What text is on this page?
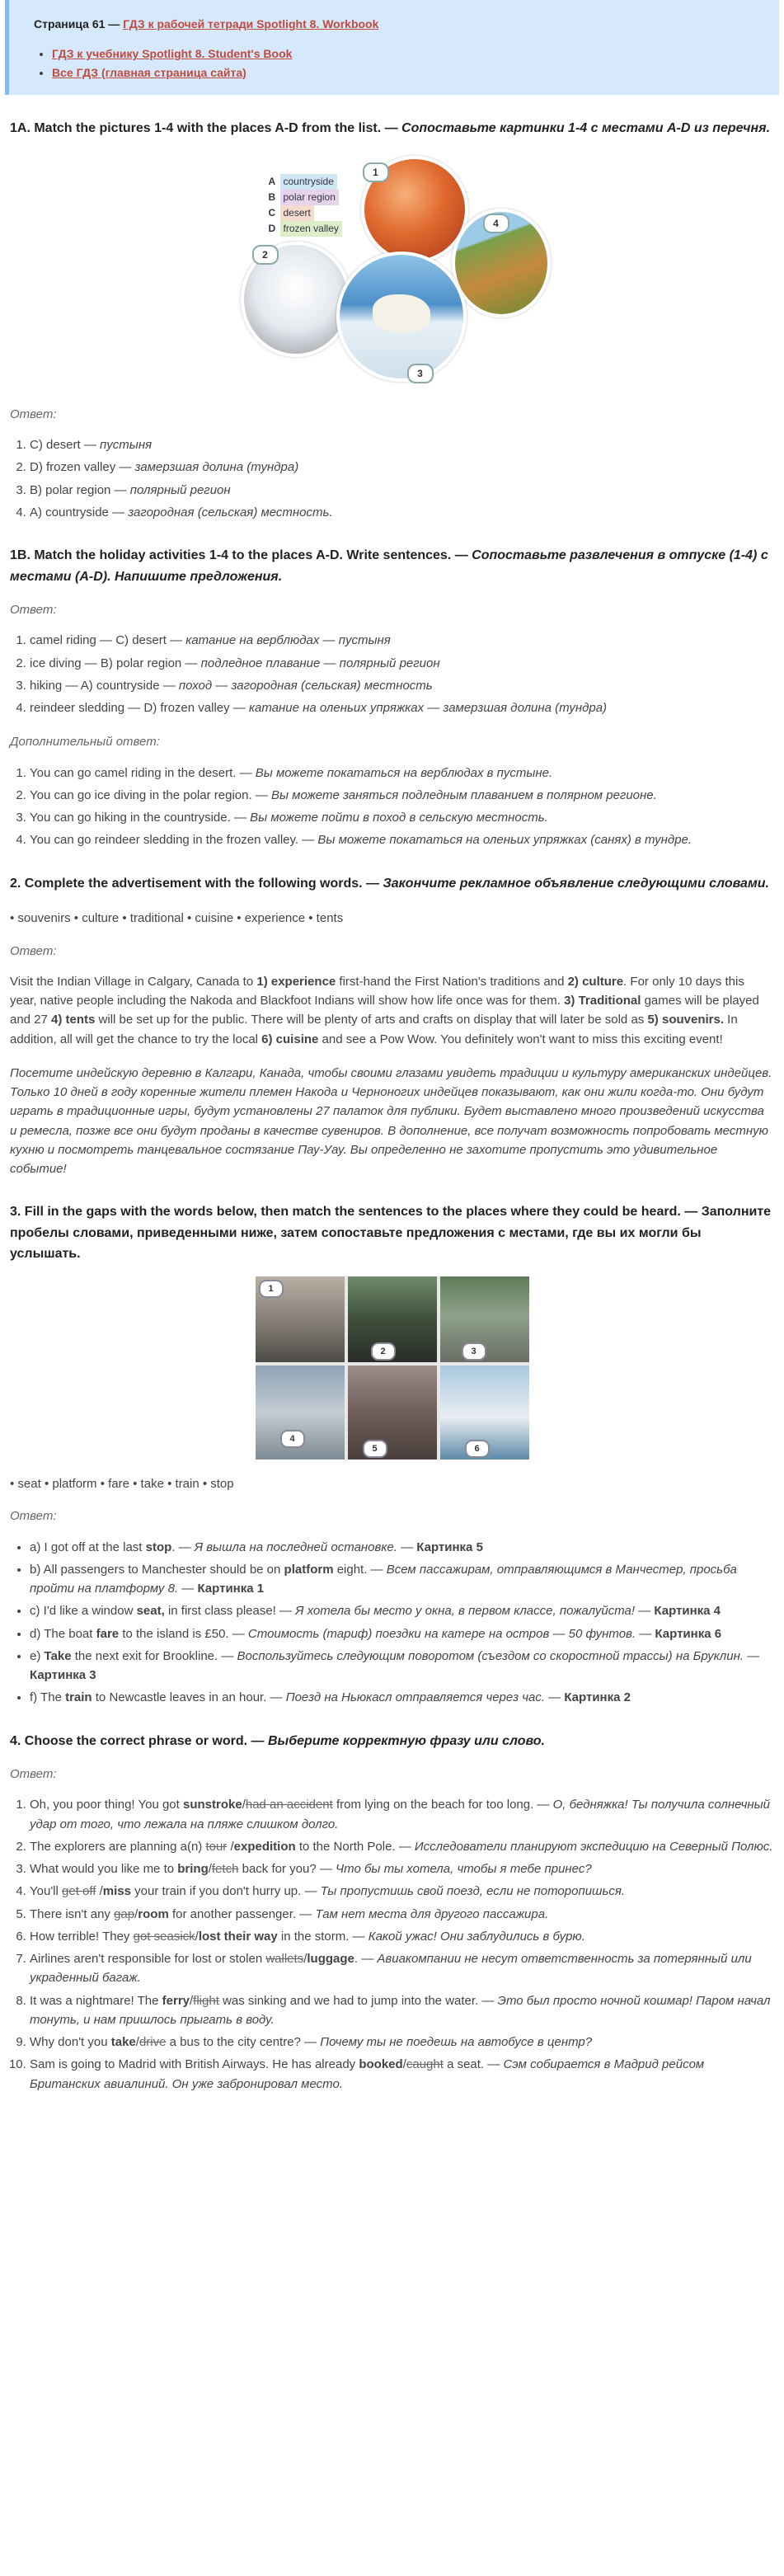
Страница 61 — ГДЗ к рабочей тетради Spotlight 8. Workbook
• ГДЗ к учебнику Spotlight 8. Student's Book
• Все ГДЗ (главная страница сайта)
1A. Match the pictures 1-4 with the places A-D from the list. — Сопоставьте картинки 1-4 с местами A-D из перечня.
A countryside
B polar region
C desert
D frozen valley
1
2
3
4
Ответ:
1. C) desert — пустыня
2. D) frozen valley — замерзшая долина (тундра)
3. B) polar region — полярный регион
4. A) countryside — загородная (сельская) местность.
1B. Match the holiday activities 1-4 to the places A-D. Write sentences. — Сопоставьте развлечения в отпуске (1-4) с местами (A-D). Напишите предложения.
Ответ:
1. camel riding — C) desert — катание на верблюдах — пустыня
2. ice diving — B) polar region — подледное плавание — полярный регион
3. hiking — A) countryside — поход — загородная (сельская) местность
4. reindeer sledding — D) frozen valley — катание на оленьих упряжках — замерзшая долина (тундра)
Дополнительный ответ:
1. You can go camel riding in the desert. — Вы можете покататься на верблюдах в пустыне.
2. You can go ice diving in the polar region. — Вы можете заняться подледным плаванием в полярном регионе.
3. You can go hiking in the countryside. — Вы можете пойти в поход в сельскую местность.
4. You can go reindeer sledding in the frozen valley. — Вы можете покататься на оленьих упряжках (санях) в тундре.
2. Complete the advertisement with the following words. — Закончите рекламное объявление следующими словами.
• souvenirs • culture • traditional • cuisine • experience • tents
Ответ:

Visit the Indian Village in Calgary, Canada to 1) experience first-hand the First Nation's traditions and 2) culture. For only 10 days this year, native people including the Nakoda and Blackfoot Indians will show how life once was for them. 3) Traditional games will be played and 27 4) tents will be set up for the public. There will be plenty of arts and crafts on display that will later be sold as 5) souvenirs. In addition, all will get the chance to try the local 6) cuisine and see a Pow Wow. You definitely won't want to miss this exciting event!

Посетите индейскую деревню в Калгари, Канада, чтобы своими глазами увидеть традиции и культуру американских индейцев. Только 10 дней в году коренные жители племен Накода и Черноногих индейцев показывают, как они жили когда-то. Они будут играть в традиционные игры, будут установлены 27 палаток для публики. Будет выставлено много произведений искусства и ремесла, позже все они будут проданы в качестве сувениров. В дополнение, все получат возможность попробовать местную кухню и посмотреть танцевальное состязание Пау-Уау. Вы определенно не захотите пропустить это удивительное событие!

3. Fill in the gaps with the words below, then match the sentences to the places where they could be heard. — Заполните пробелы словами, приведенными ниже, затем сопоставьте предложения с местами, где вы их могли бы услышать.
1
2	3
4
5	6
• seat • platform • fare • take • train • stop
Ответ:
• a) I got off at the last stop. — Я вышла на последней остановке. — Картинка 5
• b) All passengers to Manchester should be on platform eight. — Всем пассажирам, отправляющимся в Манчестер, просьба пройти на платформу 8. — Картинка 1
• c) I'd like a window seat, in first class please! — Я хотела бы место у окна, в первом классе, пожалуйста! — Картинка 4
• d) The boat fare to the island is £50. — Стоимость (тариф) поездки на катере на остров — 50 фунтов. — Картинка 6
• e) Take the next exit for Brookline. — Воспользуйтесь следующим поворотом (съездом со скоростной трассы) на Бруклин. — Картинка 3
• f) The train to Newcastle leaves in an hour. — Поезд на Ньюкасл отправляется через час. — Картинка 2
4. Choose the correct phrase or word. — Выберите корректную фразу или слово.
Ответ:
1. Oh, you poor thing! You got sunstroke/had an accident from lying on the beach for too long. — О, бедняжка! Ты получила солнечный удар от того, что лежала на пляже слишком долго.
2. The explorers are planning a(n) tour /expedition to the North Pole. — Исследователи планируют экспедицию на Северный Полюс.
3. What would you like me to bring/fetch back for you? — Что бы ты хотела, чтобы я тебе принес?
4. You'll get off /miss your train if you don't hurry up. — Ты пропустишь свой поезд, если не поторопишься.
5. There isn't any gap/room for another passenger. — Там нет места для другого пассажира.
6. How terrible! They got seasick/lost their way in the storm. — Какой ужас! Они заблудились в бурю.
7. Airlines aren't responsible for lost or stolen wallets/luggage. — Авиакомпании не несут ответственность за потерянный или украденный багаж.
8. It was a nightmare! The ferry/flight was sinking and we had to jump into the water. — Это был просто ночной кошмар! Паром начал тонуть, и нам пришлось прыгать в воду.
9. Why don't you take/drive a bus to the city centre? — Почему ты не поедешь на автобусе в центр?
10. Sam is going to Madrid with British Airways. He has already booked/caught a seat. — Сэм собирается в Мадрид рейсом Британских авиалиний. Он уже забронировал место.
